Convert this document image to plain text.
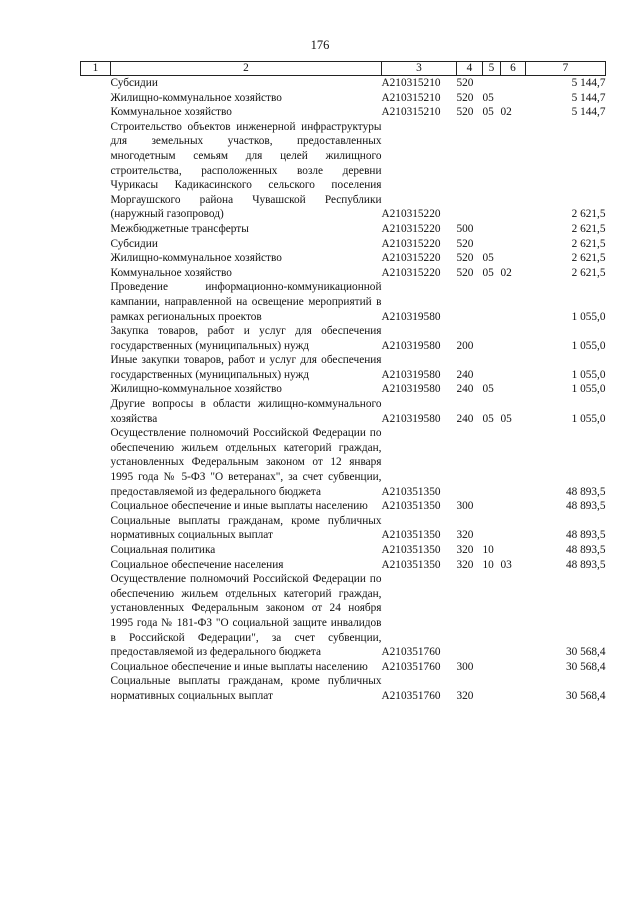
176
1	2	3	4	5	6	7
	Субсидии	А210315210	520			5 144,7
	Жилищно-коммунальное хозяйство	А210315210	520	05		5 144,7
	Коммунальное хозяйство	А210315210	520	05	02	5 144,7
	Строительство объектов инженерной инфраструктуры для земельных участков, предоставленных многодетным семьям для целей жилищного строительства, расположенных возле деревни Чурикасы Кадикасинского сельского поселения Моргаушского района Чувашской Республики (наружный газопровод)	А210315220				2 621,5
	Межбюджетные трансферты	А210315220	500			2 621,5
	Субсидии	А210315220	520			2 621,5
	Жилищно-коммунальное хозяйство	А210315220	520	05		2 621,5
	Коммунальное хозяйство	А210315220	520	05	02	2 621,5
	Проведение информационно-коммуникационной кампании, направленной на освещение мероприятий в рамках региональных проектов	А210319580				1 055,0
	Закупка товаров, работ и услуг для обеспечения государственных (муниципальных) нужд	А210319580	200			1 055,0
	Иные закупки товаров, работ и услуг для обеспечения государственных (муниципальных) нужд	А210319580	240			1 055,0
	Жилищно-коммунальное хозяйство	А210319580	240	05		1 055,0
	Другие вопросы в области жилищно-коммунального хозяйства	А210319580	240	05	05	1 055,0
	Осуществление полномочий Российской Федерации по обеспечению жильем отдельных категорий граждан, установленных Федеральным законом от 12 января 1995 года № 5-ФЗ "О ветеранах", за счет субвенции, предоставляемой из федерального бюджета	А210351350				48 893,5
	Социальное обеспечение и иные выплаты населению	А210351350	300			48 893,5
	Социальные выплаты гражданам, кроме публичных нормативных социальных выплат	А210351350	320			48 893,5
	Социальная политика	А210351350	320	10		48 893,5
	Социальное обеспечение населения	А210351350	320	10	03	48 893,5
	Осуществление полномочий Российской Федерации по обеспечению жильем отдельных категорий граждан, установленных Федеральным законом от 24 ноября 1995 года № 181-ФЗ "О социальной защите инвалидов в Российской Федерации", за счет субвенции, предоставляемой из федерального бюджета	А210351760				30 568,4
	Социальное обеспечение и иные выплаты населению	А210351760	300			30 568,4
	Социальные выплаты гражданам, кроме публичных нормативных социальных выплат	А210351760	320			30 568,4
